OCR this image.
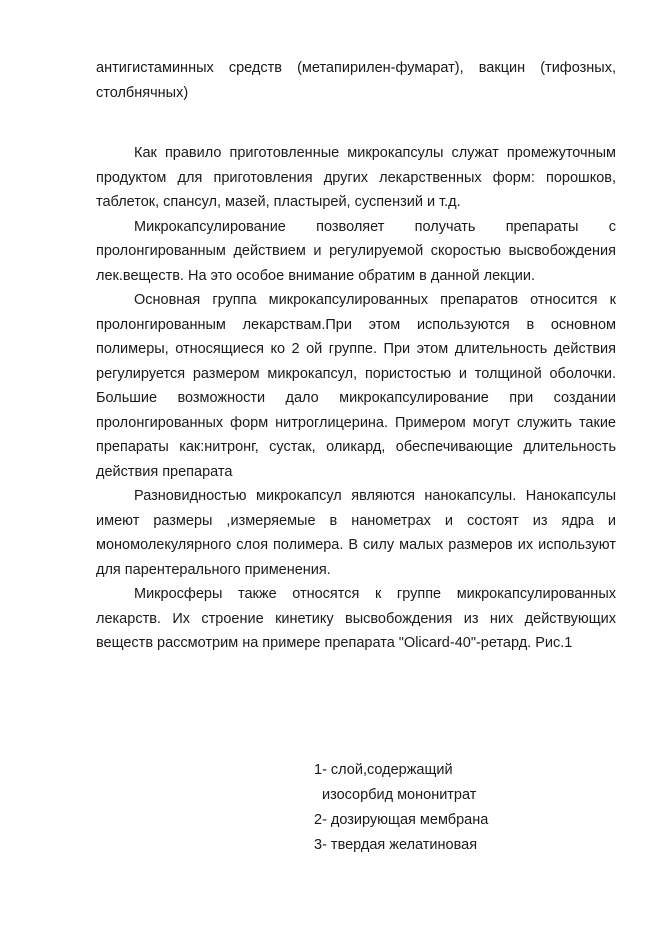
антигистаминных средств (метапирилен-фумарат), вакцин (тифозных, столбнячных)

Как правило приготовленные микрокапсулы служат промежуточным продуктом для приготовления других лекарственных форм: порошков, таблеток, спансул, мазей, пластырей, суспензий и т.д.

Микрокапсулирование позволяет получать препараты с пролонгированным действием и регулируемой скоростью высвобождения лек.веществ. На это особое внимание обратим в данной лекции.

Основная группа микрокапсулированных препаратов относится к пролонгированным лекарствам.При этом используются в основном полимеры, относящиеся ко 2 ой группе. При этом длительность действия регулируется размером микрокапсул, пористостью и толщиной оболочки. Большие возможности дало микрокапсулирование при создании пролонгированных форм нитроглицерина. Примером могут служить такие препараты как:нитронг, сустак, оликард, обеспечивающие длительность действия препарата

Разновидностью микрокапсул являются нанокапсулы. Нанокапсулы имеют размеры ,измеряемые в нанометрах и состоят из ядра и мономолекулярного слоя полимера. В силу малых размеров их используют для парентерального применения.

Микросферы также относятся к группе микрокапсулированных лекарств. Их строение кинетику высвобождения из них действующих веществ рассмотрим на примере препарата "Olicard-40"-ретард. Рис.1

1- слой,содержащий

изосорбид мононитрат

2- дозирующая мембрана

3- твердая желатиновая
